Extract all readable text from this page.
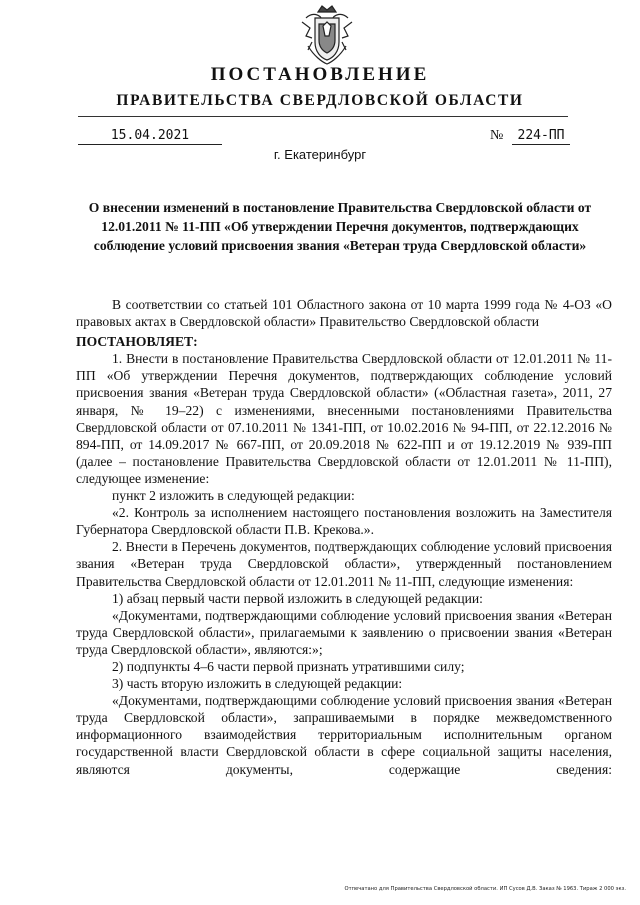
ПОСТАНОВЛЕНИЕ
ПРАВИТЕЛЬСТВА СВЕРДЛОВСКОЙ ОБЛАСТИ
15.04.2021	№	224-ПП
г. Екатеринбург
О внесении изменений в постановление Правительства Свердловской области от 12.01.2011 № 11-ПП «Об утверждении Перечня документов, подтверждающих соблюдение условий присвоения звания «Ветеран труда Свердловской области»

В соответствии со статьей 101 Областного закона от 10 марта 1999 года № 4-ОЗ «О правовых актах в Свердловской области» Правительство Свердловской области

ПОСТАНОВЛЯЕТ:

1. Внести в постановление Правительства Свердловской области от 12.01.2011 № 11-ПП «Об утверждении Перечня документов, подтверждающих соблюдение условий присвоения звания «Ветеран труда Свердловской области» («Областная газета», 2011, 27 января, № 19–22) с изменениями, внесенными постановлениями Правительства Свердловской области от 07.10.2011 № 1341-ПП, от 10.02.2016 № 94-ПП, от 22.12.2016 № 894-ПП, от 14.09.2017 № 667-ПП, от 20.09.2018 № 622-ПП и от 19.12.2019 № 939-ПП (далее – постановление Правительства Свердловской области от 12.01.2011 № 11-ПП), следующее изменение:

пункт 2 изложить в следующей редакции:

«2. Контроль за исполнением настоящего постановления возложить на Заместителя Губернатора Свердловской области П.В. Крекова.».

2. Внести в Перечень документов, подтверждающих соблюдение условий присвоения звания «Ветеран труда Свердловской области», утвержденный постановлением Правительства Свердловской области от 12.01.2011 № 11-ПП, следующие изменения:

1) абзац первый части первой изложить в следующей редакции:

«Документами, подтверждающими соблюдение условий присвоения звания «Ветеран труда Свердловской области», прилагаемыми к заявлению о присвоении звания «Ветеран труда Свердловской области», являются:»;

2) подпункты 4–6 части первой признать утратившими силу;

3) часть вторую изложить в следующей редакции:

«Документами, подтверждающими соблюдение условий присвоения звания «Ветеран труда Свердловской области», запрашиваемыми в порядке межведомственного информационного взаимодействия территориальным исполнительным органом государственной власти Свердловской области в сфере социальной защиты населения, являются документы, содержащие сведения:

Отпечатано для Правительства Свердловской области. ИП Сусов Д.В. Заказ № 1963. Тираж 2 000 экз.
